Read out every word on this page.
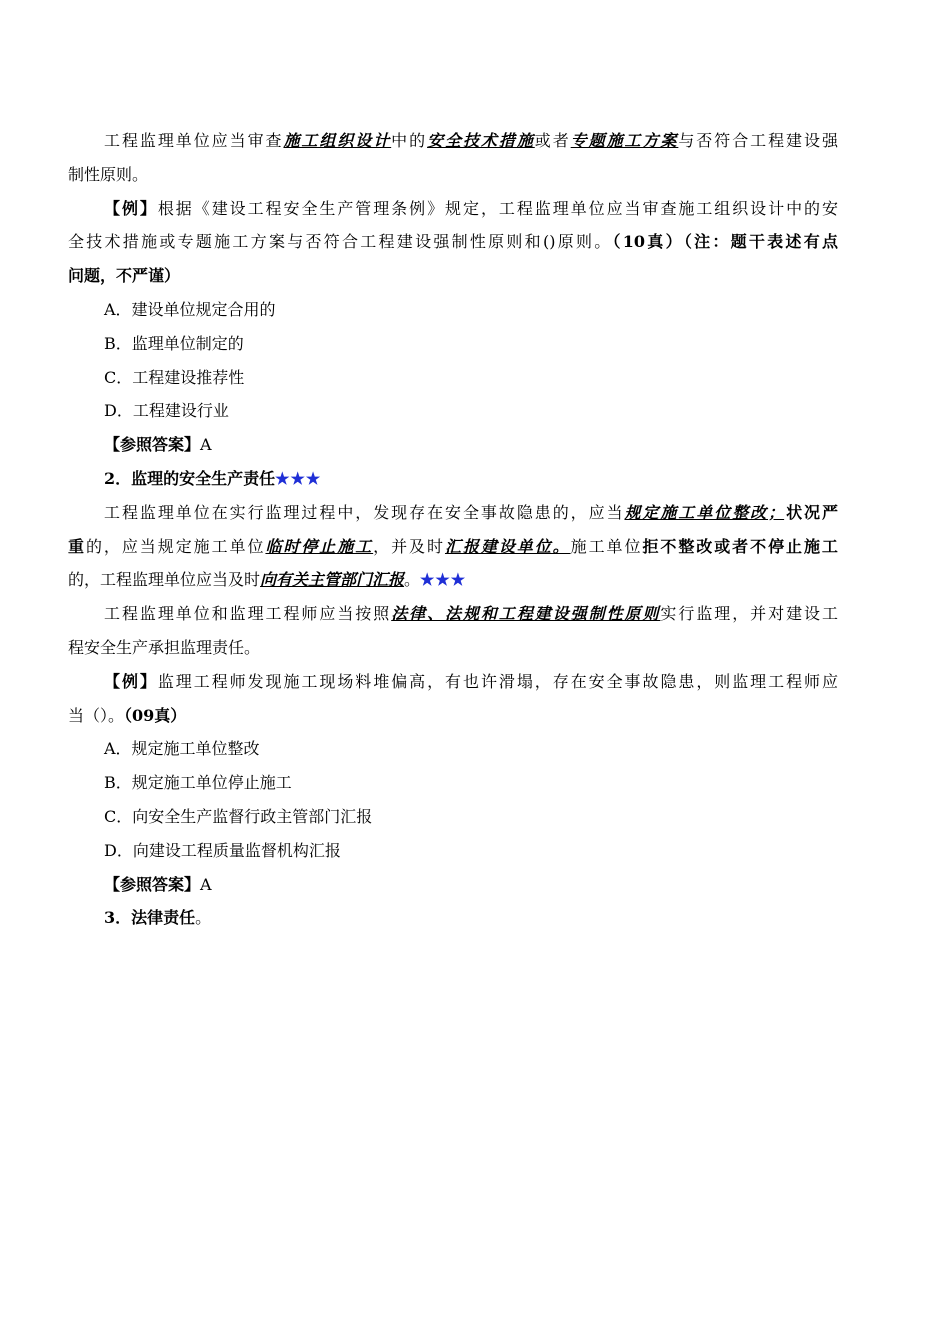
工程监理单位应当审查施工组织设计中的安全技术措施或者专题施工方案与否符合工程建设强
制性原则。
【例】根据《建设工程安全生产管理条例》规定，工程监理单位应当审查施工组织设计中的安
全技术措施或专题施工方案与否符合工程建设强制性原则和()原则。（10真）（注：题干表述有点
问题，不严谨）
A．建设单位规定合用的
B．监理单位制定的
C．工程建设推荐性
D．工程建设行业
【参照答案】A
2．监理的安全生产责任★★★
工程监理单位在实行监理过程中，发现存在安全事故隐患的，应当规定施工单位整改；状况严
重的，应当规定施工单位临时停止施工，并及时汇报建设单位。施工单位拒不整改或者不停止施工
的，工程监理单位应当及时向有关主管部门汇报。★★★
工程监理单位和监理工程师应当按照法律、法规和工程建设强制性原则实行监理，并对建设工
程安全生产承担监理责任。
【例】监理工程师发现施工现场料堆偏高，有也许滑塌，存在安全事故隐患，则监理工程师应
当（）。（09真）
A．规定施工单位整改
B．规定施工单位停止施工
C．向安全生产监督行政主管部门汇报
D．向建设工程质量监督机构汇报
【参照答案】A
3．法律责任。
